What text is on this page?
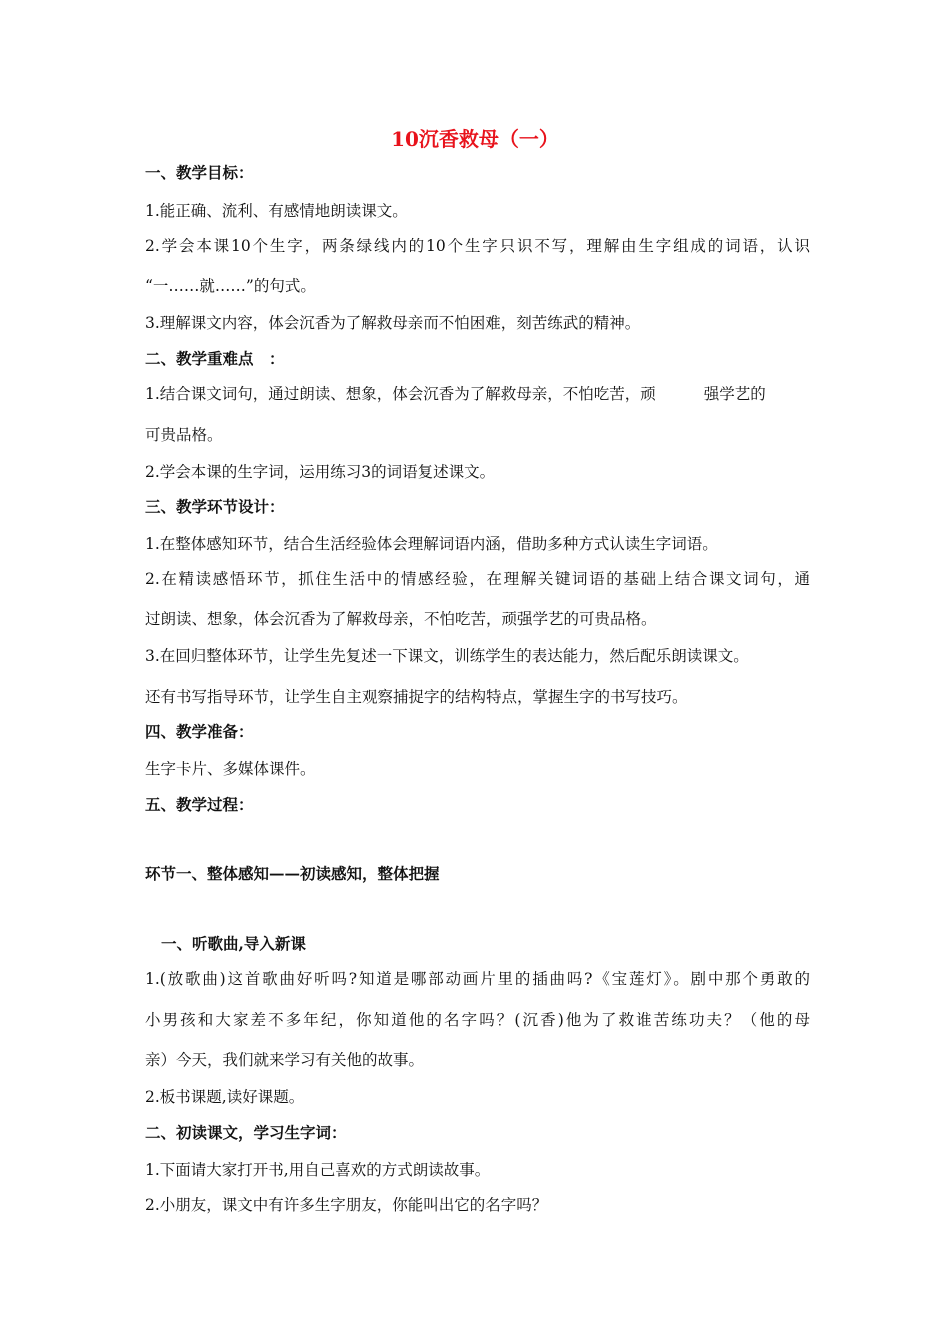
10沉香救母（一）
一、教学目标：
1.能正确、流利、有感情地朗读课文。
2.学会本课10个生字，两条绿线内的10个生字只识不写，理解由生字组成的词语，认识
“一……就……”的句式。
3.理解课文内容，体会沉香为了解救母亲而不怕困难，刻苦练武的精神。
二、教学重难点　：
1.结合课文词句，通过朗读、想象，体会沉香为了解救母亲，不怕吃苦，顽	强学艺的
可贵品格。
2.学会本课的生字词，运用练习3的词语复述课文。
三、教学环节设计：
1.在整体感知环节，结合生活经验体会理解词语内涵，借助多种方式认读生字词语。
2.在精读感悟环节，抓住生活中的情感经验，在理解关键词语的基础上结合课文词句，通
过朗读、想象，体会沉香为了解救母亲，不怕吃苦，顽强学艺的可贵品格。
3.在回归整体环节，让学生先复述一下课文，训练学生的表达能力，然后配乐朗读课文。
还有书写指导环节，让学生自主观察捕捉字的结构特点，掌握生字的书写技巧。
四、教学准备：
生字卡片、多媒体课件。
五、教学过程：
环节一、整体感知——初读感知，整体把握
一、听歌曲,导入新课
1.(放歌曲)这首歌曲好听吗?知道是哪部动画片里的插曲吗?《宝莲灯》。剧中那个勇敢的
小男孩和大家差不多年纪，你知道他的名字吗？(沉香)他为了救谁苦练功夫？（他的母
亲）今天，我们就来学习有关他的故事。
2.板书课题,读好课题。
二、初读课文，学习生字词：
1.下面请大家打开书,用自己喜欢的方式朗读故事。
2.小朋友，课文中有许多生字朋友，你能叫出它的名字吗？
